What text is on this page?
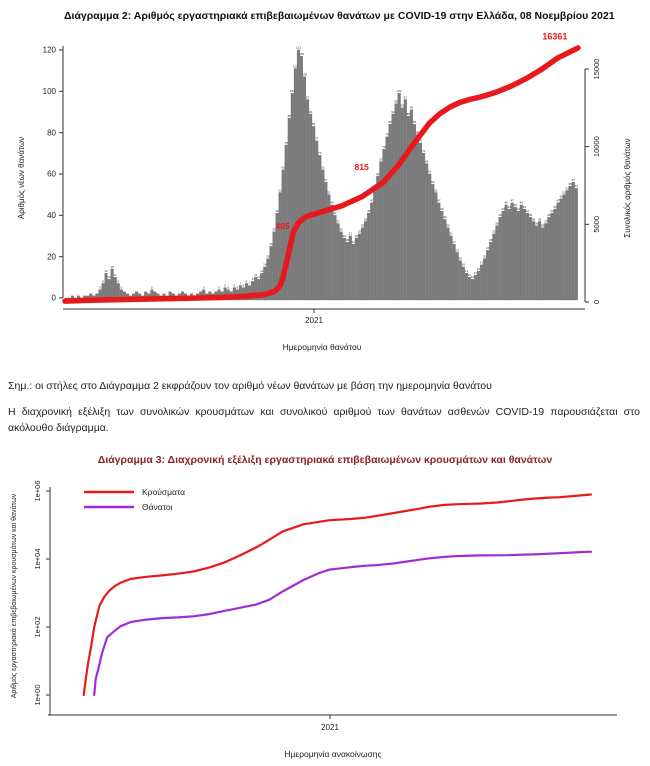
Διάγραμμα 2: Αριθμός εργαστηριακά επιβεβαιωμένων θανάτων με COVID-19 στην Ελλάδα, 08 Νοεμβρίου 2021
0
20
40
60
80
100
120
Αριθμός νέων θανάτων
0
5000
10000
15000
Συνολικός αριθμός θανάτων
2021
Ημερομηνία θανάτου
5
8
13
10
15
11
8
5	5	5	5
6
5
6
5
7
6
8
7
9
11
10
13
16
20
26
33
42
52
63
75
88
100
112
121
118
108
97
90
84
77
70
63
57
51
46
41
37
33
30
28
31
27
30
32
35
38
42
47
53
60
67
73
79
85
90
95
100
93
97
89
92
85
80
76
71
66
61
56
52
47
43
39
35
31
27
23
19
16
13
11
10
12
14
17
20
24
28
32
36
40
43
46
44
47
45
43
46
44
42
40
38
36
38
35
37
40
42
44
47
49
51
53
55
57
54
405
815
16361
Σημ.: οι στήλες στο Διάγραμμα 2 εκφράζουν τον αριθμό νέων θανάτων με βάση την ημερομηνία θανάτου
Η διαχρονική εξέλιξη των συνολικών κρουσμάτων και συνολικού αριθμού των θανάτων ασθενών COVID-19 παρουσιάζεται στο ακόλουθο διάγραμμα.
Διάγραμμα 3: Διαχρονική εξέλιξη εργαστηριακά επιβεβαιωμένων κρουσμάτων και θανάτων
1e+00
1e+02
1e+04
1e+06
Αριθμός εργαστηριακά επιβεβαιωμένων κρουσμάτων και θανάτων
2021
Ημερομηνία ανακοίνωσης
Κρούσματα
Θάνατοι
